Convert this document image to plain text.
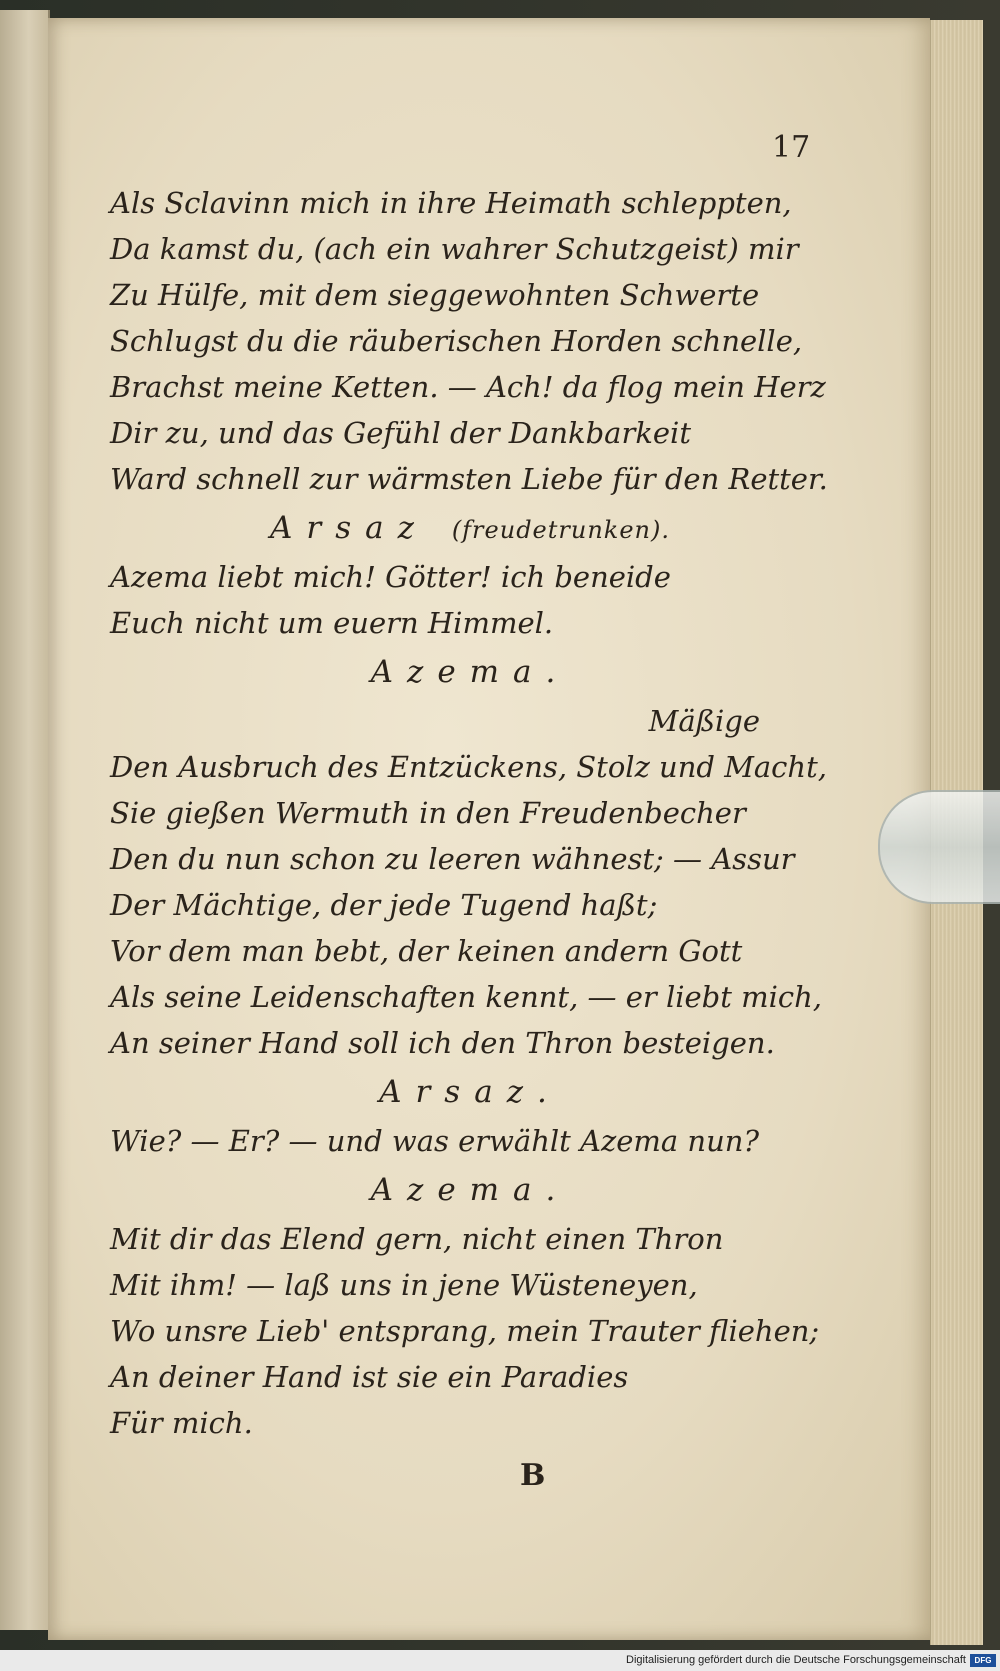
17
Als Sclavinn mich in ihre Heimath schleppten,
Da kamst du, (ach ein wahrer Schutzgeist) mir
Zu Hülfe, mit dem sieggewohnten Schwerte
Schlugst du die räuberischen Horden schnelle,
Brachst meine Ketten. — Ach! da flog mein Herz
Dir zu, und das Gefühl der Dankbarkeit
Ward schnell zur wärmsten Liebe für den Retter.
Arsaz (freudetrunken).
Azema liebt mich! Götter! ich beneide
Euch nicht um euern Himmel.
Azema.
Mäßige
Den Ausbruch des Entzückens, Stolz und Macht,
Sie gießen Wermuth in den Freudenbecher
Den du nun schon zu leeren wähnest; — Assur
Der Mächtige, der jede Tugend haßt;
Vor dem man bebt, der keinen andern Gott
Als seine Leidenschaften kennt, — er liebt mich,
An seiner Hand soll ich den Thron besteigen.
Arsaz.
Wie? — Er? — und was erwählt Azema nun?
Azema.
Mit dir das Elend gern, nicht einen Thron
Mit ihm! — laß uns in jene Wüsteneyen,
Wo unsre Lieb' entsprang, mein Trauter fliehen;
An deiner Hand ist sie ein Paradies
Für mich.
B
Digitalisierung gefördert durch die Deutsche Forschungsgemeinschaft	DFG
